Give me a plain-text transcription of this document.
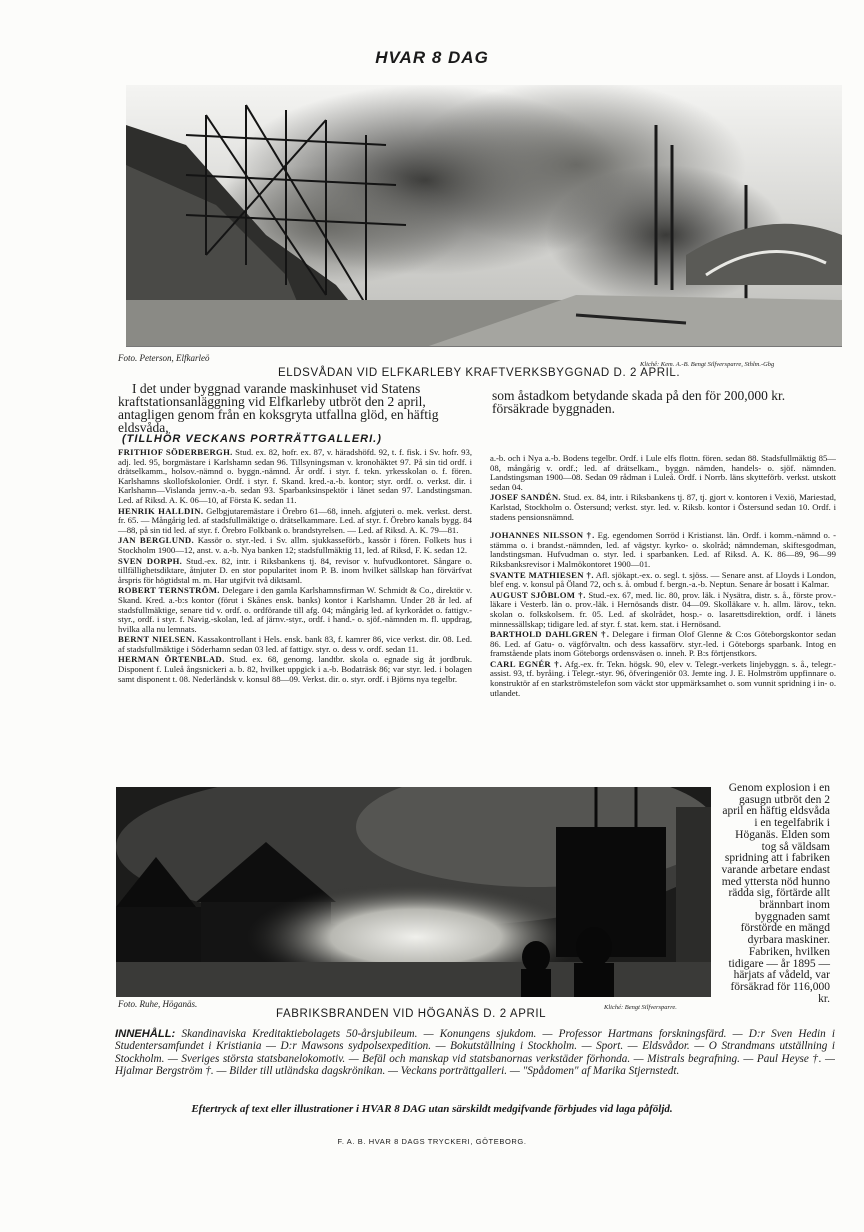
HVAR 8 DAG
Foto. Peterson, Elfkarleö
Klichê: Kem. A.-B. Bengt Silfversparre, Sthlm.-Gbg
ELDSVÅDAN VID ELFKARLEBY KRAFTVERKSBYGGNAD D. 2 APRIL.
I det under byggnad varande maskinhuset vid Statens kraftstationsanläggning vid Elfkarleby utbröt den 2 april, antagligen genom från en koksgryta utfallna glöd, en häftig eldsvåda,
som åstadkom betydande skada på den för 200,000 kr. försäkrade byggnaden.
(TILLHÖR VECKANS PORTRÄTTGALLERI.)
FRITHIOF SÖDERBERGH. Stud. ex. 82, hofr. ex. 87, v. häradshöfd. 92, t. f. fisk. i Sv. hofr. 93, adj. led. 95, borgmästare i Karlshamn sedan 96. Tillsyningsman v. kronohäktet 97. På sin tid ordf. i drätselkamm., holsov.-nämnd o. byggn.-nämnd. Är ordf. i styr. f. tekn. yrkesskolan o. f. fören. Karlshamns skollofskolonier. Ordf. i styr. f. Skand. kred.-a.-b. kontor; styr. ordf. o. verkst. dir. i Karlshamn—Vislanda jernv.-a.-b. sedan 93. Sparbanksinspektör i länet sedan 97. Landstingsman. Led. af Riksd. A. K. 06—10, af Första K. sedan 11.
HENRIK HALLDIN. Gelbgjutaremästare i Örebro 61—68, inneh. afgjuteri o. mek. verkst. derst. fr. 65. — Mångårig led. af stadsfullmäktige o. drätselkammare. Led. af styr. f. Örebro kanals bygg. 84—88, på sin tid led. af styr. f. Örebro Folkbank o. brandstyrelsen. — Led. af Riksd. A. K. 79—81.
JAN BERGLUND. Kassör o. styr.-led. i Sv. allm. sjukkasseförb., kassör i fören. Folkets hus i Stockholm 1900—12, anst. v. a.-b. Nya banken 12; stadsfullmäktig 11, led. af Riksd, F. K. sedan 12.
SVEN DORPH. Stud.-ex. 82, intr. i Riksbankens tj. 84, revisor v. hufvudkontoret. Sångare o. tillfällighetsdiktare, åtnjuter D. en stor popularitet inom P. B. inom hvilket sällskap han förvärfvat årspris för högtidstal m. m. Har utgifvit två diktsaml.
ROBERT TERNSTRÖM. Delegare i den gamla Karlshamnsfirman W. Schmidt & Co., direktör v. Skand. Kred. a.-b:s kontor (förut i Skånes ensk. banks) kontor i Karlshamn. Under 28 år led. af stadsfullmäktige, senare tid v. ordf. o. ordförande till afg. 04; mångårig led. af kyrkorådet o. fattigv.-styr., ordf. i styr. f. Navig.-skolan, led. af järnv.-styr., ordf. i hand.- o. sjöf.-nämnden m. fl. uppdrag, hvilka alla nu lemnats.
BERNT NIELSEN. Kassakontrollant i Hels. ensk. bank 83, f. kamrer 86, vice verkst. dir. 08. Led. af stadsfullmäktige i Söderhamn sedan 03 led. af fattigv. styr. o. dess v. ordf. sedan 11.
HERMAN ÖRTENBLAD. Stud. ex. 68, genomg. landtbr. skola o. egnade sig åt jordbruk. Disponent f. Luleå ångsnickeri a. b. 82, hvilket uppgick i a.-b. Bodaträsk 86; var styr. led. i bolagen samt disponent t. 08. Nederländsk v. konsul 88—09. Verkst. dir. o. styr. ordf. i Björns nya tegelbr.
a.-b. och i Nya a.-b. Bodens tegelbr. Ordf. i Lule elfs flottn. fören. sedan 88. Stadsfullmäktig 85—08, mångårig v. ordf.; led. af drätselkam., byggn. nämden, handels- o. sjöf. nämnden. Landstingsman 1900—08. Sedan 09 rådman i Luleå. Ordf. i Norrb. läns skytteförb. verkst. utskott sedan 04.
JOSEF SANDÉN. Stud. ex. 84, intr. i Riksbankens tj. 87, tj. gjort v. kontoren i Vexiö, Mariestad, Karlstad, Stockholm o. Östersund; verkst. styr. led. v. Riksb. kontor i Östersund sedan 10. Ordf. i stadens pensionsnämnd.
JOHANNES NILSSON †. Eg. egendomen Sorröd i Kristianst. län. Ordf. i komm.-nämnd o. -stämma o. i brandst.-nämnden, led. af vägstyr. kyrko- o. skolråd; nämndeman, skiftesgodman, landstingsman. Hufvudman o. styr. led. i sparbanken. Led. af Riksd. A. K. 86—89, 96—99 Riksbanksrevisor i Malmökontoret 1900—01.
SVANTE MATHIESEN †. Afl. sjökapt.-ex. o. segl. t. sjöss. — Senare anst. af Lloyds i London, blef eng. v. konsul på Öland 72, och s. å. ombud f. bergn.-a.-b. Neptun. Senare år bosatt i Kalmar.
AUGUST SJÖBLOM †. Stud.-ex. 67, med. lic. 80, prov. läk. i Nysätra, distr. s. å., förste prov.-läkare i Vesterb. län o. prov.-läk. i Hernösands distr. 04—09. Skolläkare v. h. allm. lärov., tekn. skolan o. folkskolsem. fr. 05. Led. af skolrådet, hosp.- o. lasarettsdirektion, ordf. i länets minnessällskap; tidigare led. af styr. f. stat. kem. stat. i Hernösand.
BARTHOLD DAHLGREN †. Delegare i firman Olof Glenne & C:os Göteborgskontor sedan 86. Led. af Gatu- o. vägförvaltn. och dess kassaförv. styr.-led. i Göteborgs sparbank. Intog en framstående plats inom Göteborgs ordensväsen o. inneh. P. B:s förtjenstkors.
CARL EGNÉR †. Afg.-ex. fr. Tekn. högsk. 90, elev v. Telegr.-verkets linjebyggn. s. å., telegr.-assist. 93, tf. byråing. i Telegr.-styr. 96, öfveringeniör 03. Jemte ing. J. E. Holmström uppfinnare o. konstruktör af en starkströmstelefon som väckt stor uppmärksamhet o. som vunnit spridning i in- o. utlandet.
Foto. Ruhe, Höganäs.	Kliché: Bengt Silfversparre.
FABRIKSBRANDEN VID HÖGANÄS D. 2 APRIL
Genom explosion i en gasugn utbröt den 2 april en häftig eldsvåda i en tegelfabrik i Höganäs. Elden som tog så väldsam spridning att i fabriken varande arbetare endast med yttersta nöd hunno rädda sig, förtärde allt brännbart inom byggnaden samt förstörde en mängd dyrbara maskiner. Fabriken, hvilken tidigare — år 1895 — härjats af vådeld, var försäkrad för 116,000 kr.
INNEHÅLL: Skandinaviska Kreditaktiebolagets 50-årsjubileum. — Konungens sjukdom. — Professor Hartmans forskningsfärd. — D:r Sven Hedin i Studentersamfundet i Kristiania — D:r Mawsons sydpolsexpedition. — Bokutställning i Stockholm. — Sport. — Eldsvådor. — O Strandmans utställning i Stockholm. — Sveriges största statsbanelokomotiv. — Befäl och manskap vid statsbanornas verkstäder förhonda. — Mistrals begrafning. — Paul Heyse †. — Hjalmar Bergström †. — Bilder till utländska dagskrönikan. — Veckans porträttgalleri. — "Spådomen" af Marika Stjernstedt.
Eftertryck af text eller illustrationer i HVAR 8 DAG utan särskildt medgifvande förbjudes vid laga påföljd.
F. A. B. HVAR 8 DAGS TRYCKERI, GÖTEBORG.
